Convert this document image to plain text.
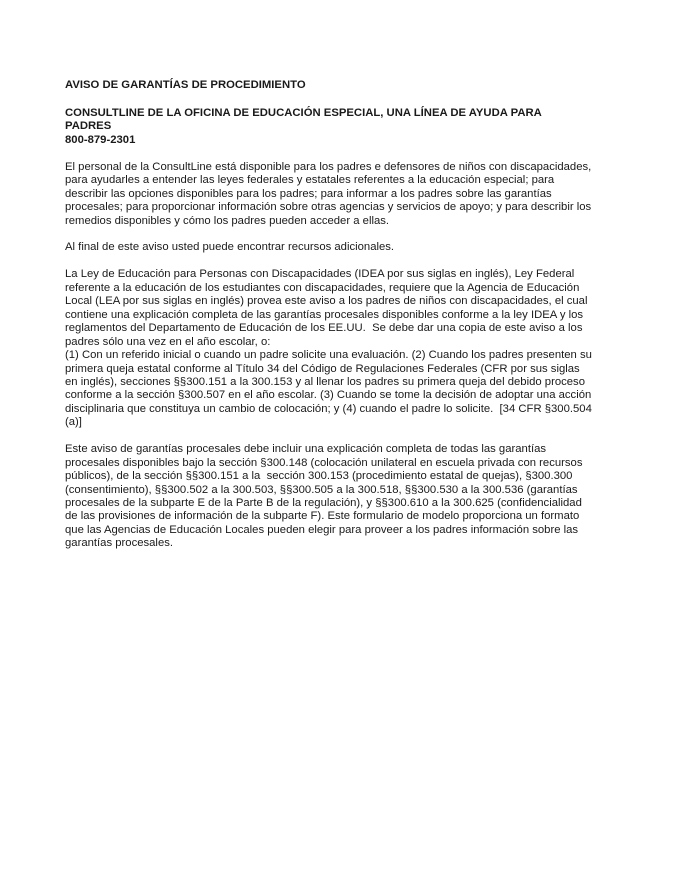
AVISO DE GARANTÍAS DE PROCEDIMIENTO
CONSULTLINE DE LA OFICINA DE EDUCACIÓN ESPECIAL, UNA LÍNEA DE AYUDA PARA
PADRES
800-879-2301
El personal de la ConsultLine está disponible para los padres e defensores de niños con discapacidades,
para ayudarles a entender las leyes federales y estatales referentes a la educación especial; para
describir las opciones disponibles para los padres; para informar a los padres sobre las garantías
procesales; para proporcionar información sobre otras agencias y servicios de apoyo; y para describir los
remedios disponibles y cómo los padres pueden acceder a ellas.
Al final de este aviso usted puede encontrar recursos adicionales.
La Ley de Educación para Personas con Discapacidades (IDEA por sus siglas en inglés), Ley Federal
referente a la educación de los estudiantes con discapacidades, requiere que la Agencia de Educación
Local (LEA por sus siglas en inglés) provea este aviso a los padres de niños con discapacidades, el cual
contiene una explicación completa de las garantías procesales disponibles conforme a la ley IDEA y los
reglamentos del Departamento de Educación de los EE.UU.  Se debe dar una copia de este aviso a los
padres sólo una vez en el año escolar, o:
(1) Con un referido inicial o cuando un padre solicite una evaluación. (2) Cuando los padres presenten su
primera queja estatal conforme al Título 34 del Código de Regulaciones Federales (CFR por sus siglas
en inglés), secciones §§300.151 a la 300.153 y al llenar los padres su primera queja del debido proceso
conforme a la sección §300.507 en el año escolar. (3) Cuando se tome la decisión de adoptar una acción
disciplinaria que constituya un cambio de colocación; y (4) cuando el padre lo solicite.  [34 CFR §300.504
(a)]
Este aviso de garantías procesales debe incluir una explicación completa de todas las garantías
procesales disponibles bajo la sección §300.148 (colocación unilateral en escuela privada con recursos
públicos), de la sección §§300.151 a la  sección 300.153 (procedimiento estatal de quejas), §300.300
(consentimiento), §§300.502 a la 300.503, §§300.505 a la 300.518, §§300.530 a la 300.536 (garantías
procesales de la subparte E de la Parte B de la regulación), y §§300.610 a la 300.625 (confidencialidad
de las provisiones de información de la subparte F). Este formulario de modelo proporciona un formato
que las Agencias de Educación Locales pueden elegir para proveer a los padres información sobre las
garantías procesales.
